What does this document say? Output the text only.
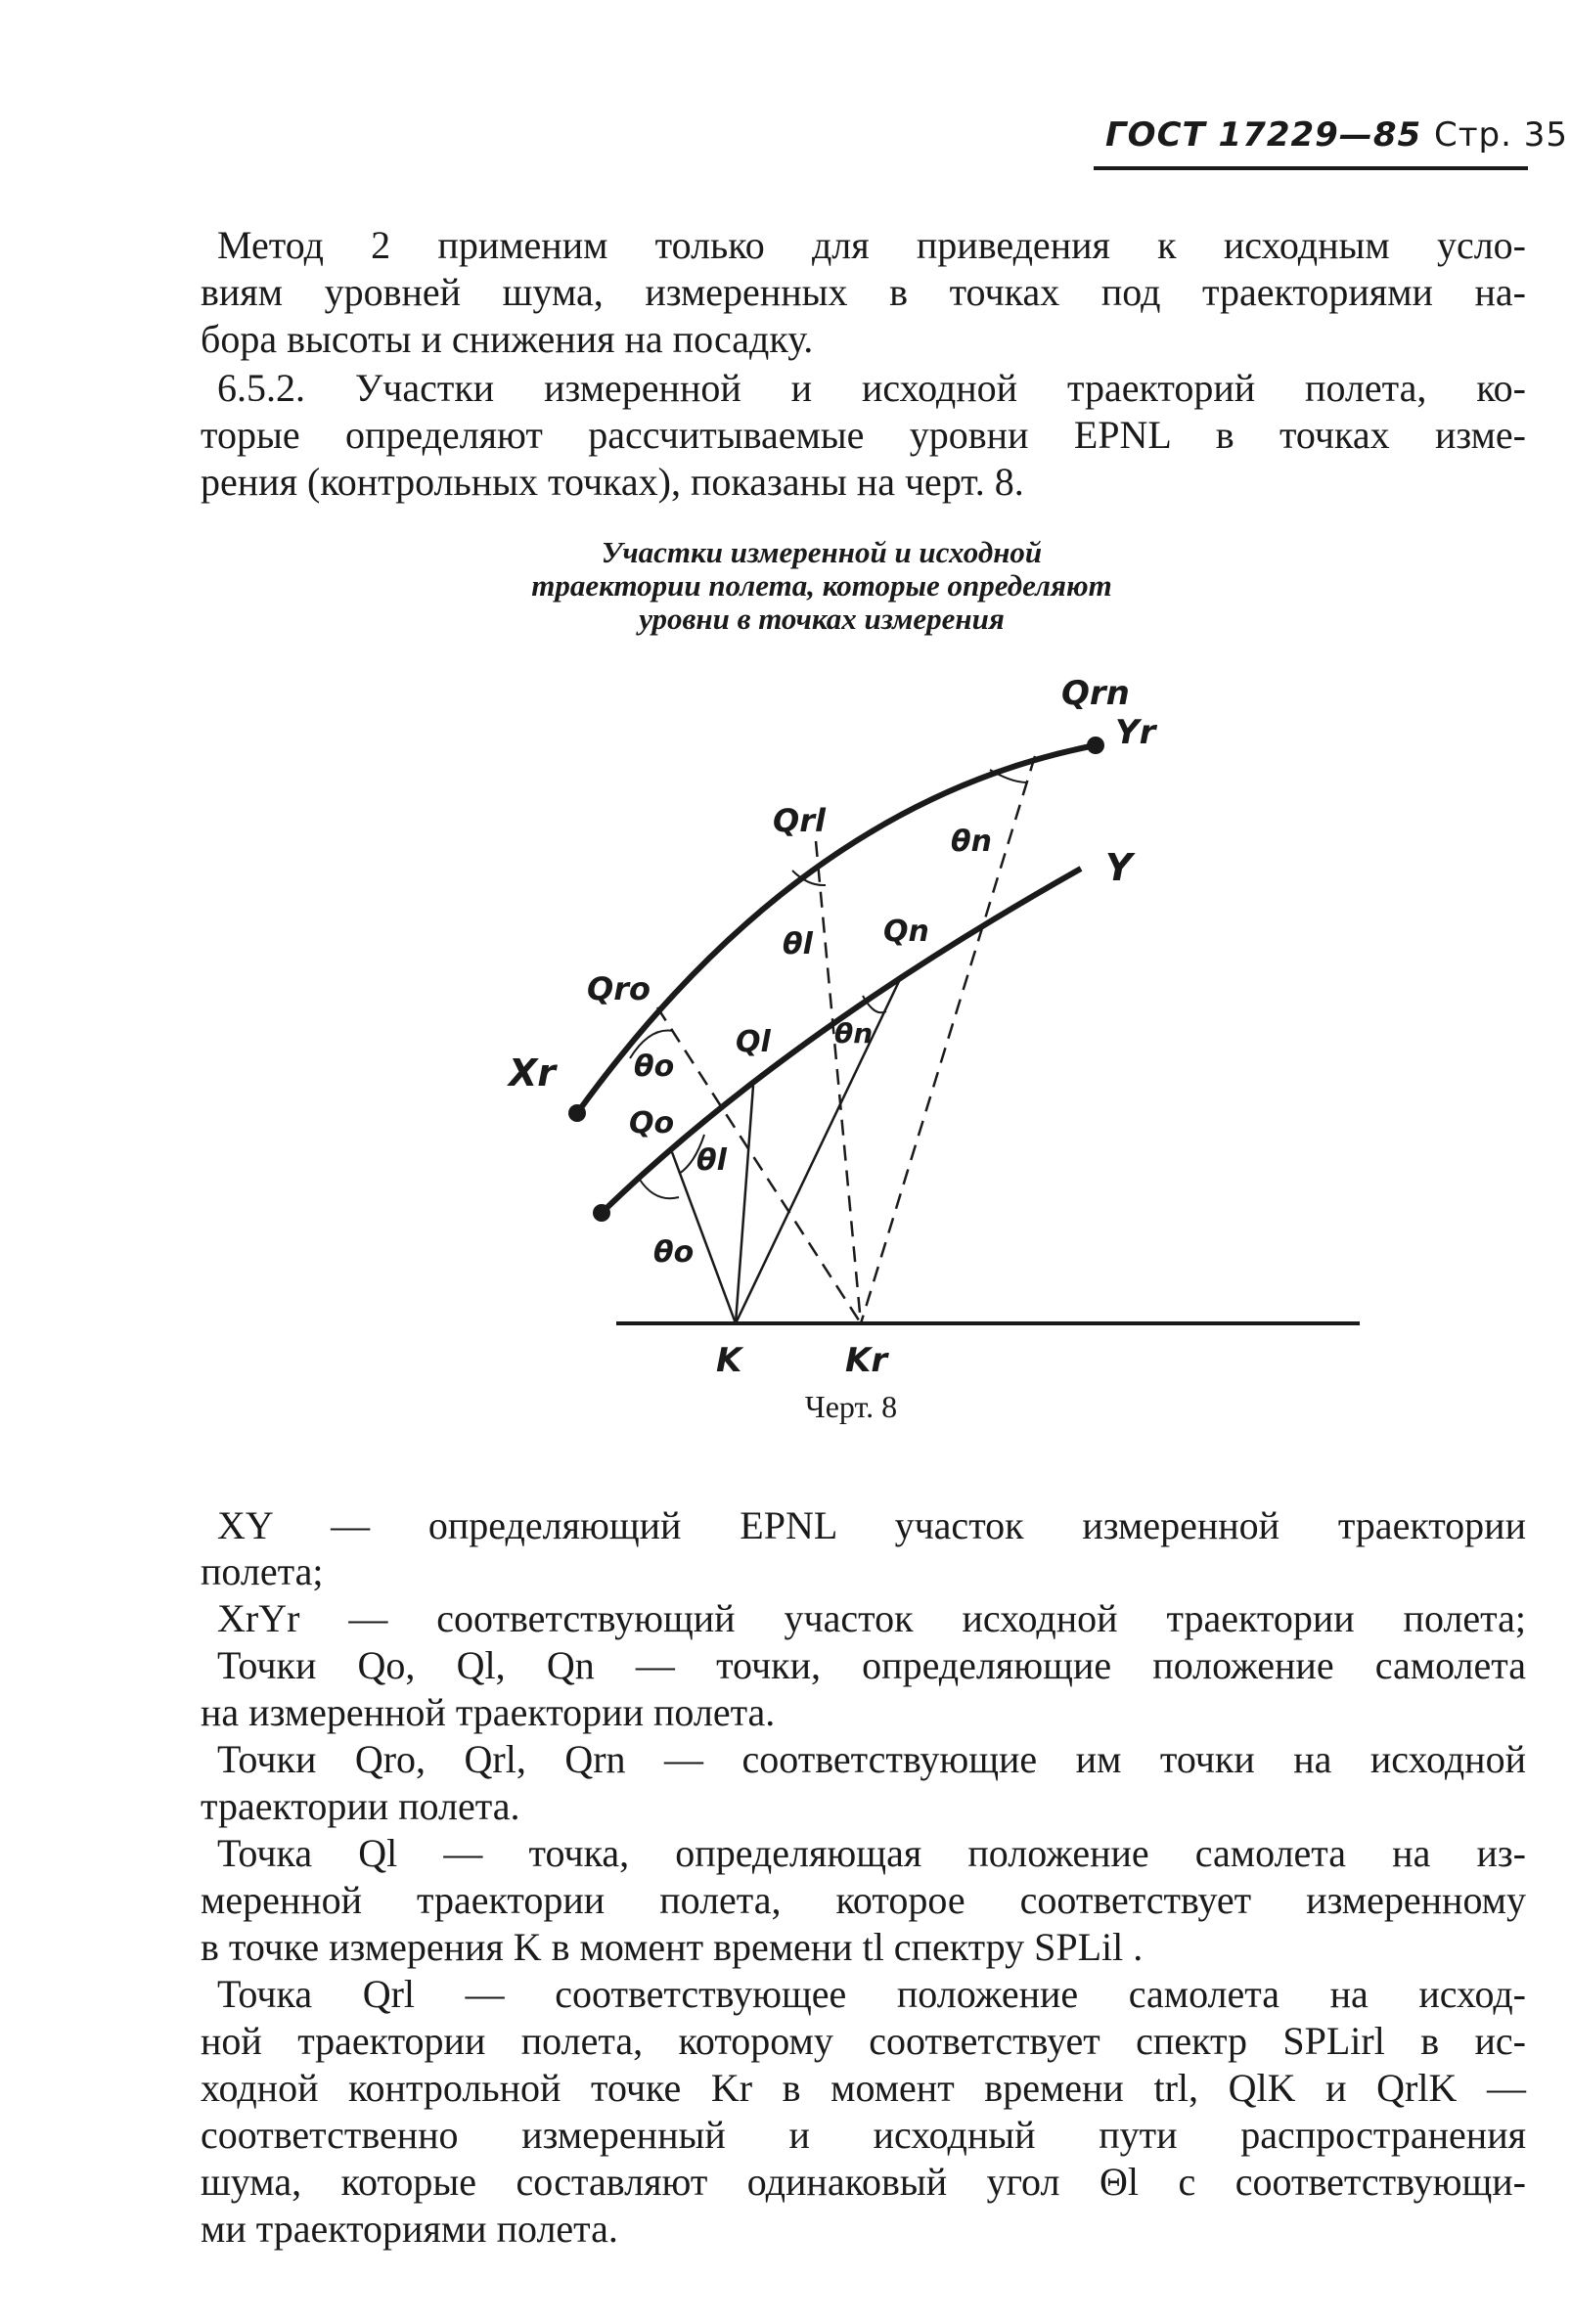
ГОСТ 17229—85 Стр. 35

Метод 2 применим только для приведения к исходным усло-

виям уровней шума, измеренных в точках под траекториями на-

бора высоты и снижения на посадку.

6.5.2. Участки измеренной и исходной траекторий полета, ко-

торые определяют рассчитываемые уровни EPNL в точках изме-

рения (контрольных точках), показаны на черт. 8.

Участки измеренной и исходной
траектории полета, которые определяют
уровни в точках измерения
Qrn
Yr
Qrl
θn
Y
θl Qn
Qro
Ql θn
Xr	θo
Qo
θl
θo
K	Kr
Черт. 8

XY — определяющий EPNL участок измеренной траектории

полета;

XrYr — соответствующий участок исходной траектории полета;

Точки Qo, Ql, Qn — точки, определяющие положение самолета

на измеренной траектории полета.

Точки Qro, Qrl, Qrn — соответствующие им точки на исходной

траектории полета.

Точка Ql — точка, определяющая положение самолета на из-

меренной траектории полета, которое соответствует измеренному

в точке измерения K в момент времени tl спектру SPLil .

Точка Qrl — соответствующее положение самолета на исход-

ной траектории полета, которому соответствует спектр SPLirl в ис-

ходной контрольной точке Kr в момент времени trl, QlK и QrlK —

соответственно измеренный и исходный пути распространения

шума, которые составляют одинаковый угол Θl с соответствующи-

ми траекториями полета.
